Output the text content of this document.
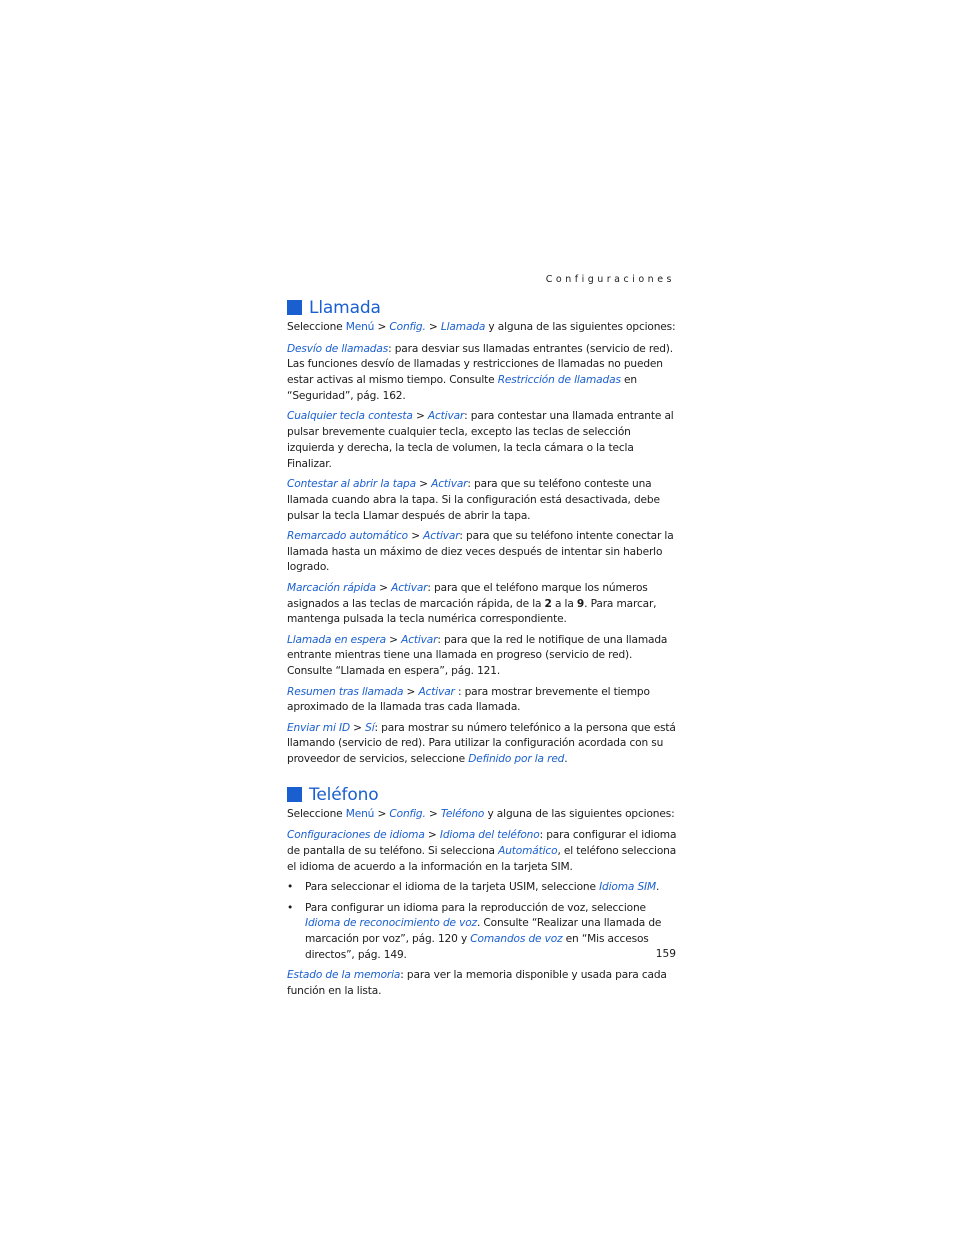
Configuraciones
Llamada

Seleccione Menú > Config. > Llamada y alguna de las siguientes opciones:

Desvío de llamadas: para desviar sus llamadas entrantes (servicio de red). Las funciones desvío de llamadas y restricciones de llamadas no pueden estar activas al mismo tiempo. Consulte Restricción de llamadas en “Seguridad”, pág. 162.

Cualquier tecla contesta > Activar: para contestar una llamada entrante al pulsar brevemente cualquier tecla, excepto las teclas de selección izquierda y derecha, la tecla de volumen, la tecla cámara o la tecla Finalizar.

Contestar al abrir la tapa > Activar: para que su teléfono conteste una llamada cuando abra la tapa. Si la configuración está desactivada, debe pulsar la tecla Llamar después de abrir la tapa.

Remarcado automático > Activar: para que su teléfono intente conectar la llamada hasta un máximo de diez veces después de intentar sin haberlo logrado.

Marcación rápida > Activar: para que el teléfono marque los números asignados a las teclas de marcación rápida, de la 2 a la 9. Para marcar, mantenga pulsada la tecla numérica correspondiente.

Llamada en espera > Activar: para que la red le notifique de una llamada entrante mientras tiene una llamada en progreso (servicio de red). Consulte “Llamada en espera”, pág. 121.

Resumen tras llamada > Activar : para mostrar brevemente el tiempo aproximado de la llamada tras cada llamada.

Enviar mi ID > Sí: para mostrar su número telefónico a la persona que está llamando (servicio de red). Para utilizar la configuración acordada con su proveedor de servicios, seleccione Definido por la red.

Teléfono

Seleccione Menú > Config. > Teléfono y alguna de las siguientes opciones:

Configuraciones de idioma > Idioma del teléfono: para configurar el idioma de pantalla de su teléfono. Si selecciona Automático, el teléfono selecciona el idioma de acuerdo a la información en la tarjeta SIM.

• Para seleccionar el idioma de la tarjeta USIM, seleccione Idioma SIM.
• Para configurar un idioma para la reproducción de voz, seleccione Idioma de reconocimiento de voz. Consulte “Realizar una llamada de marcación por voz”, pág. 120 y Comandos de voz en “Mis accesos directos”, pág. 149.

Estado de la memoria: para ver la memoria disponible y usada para cada función en la lista.

159
